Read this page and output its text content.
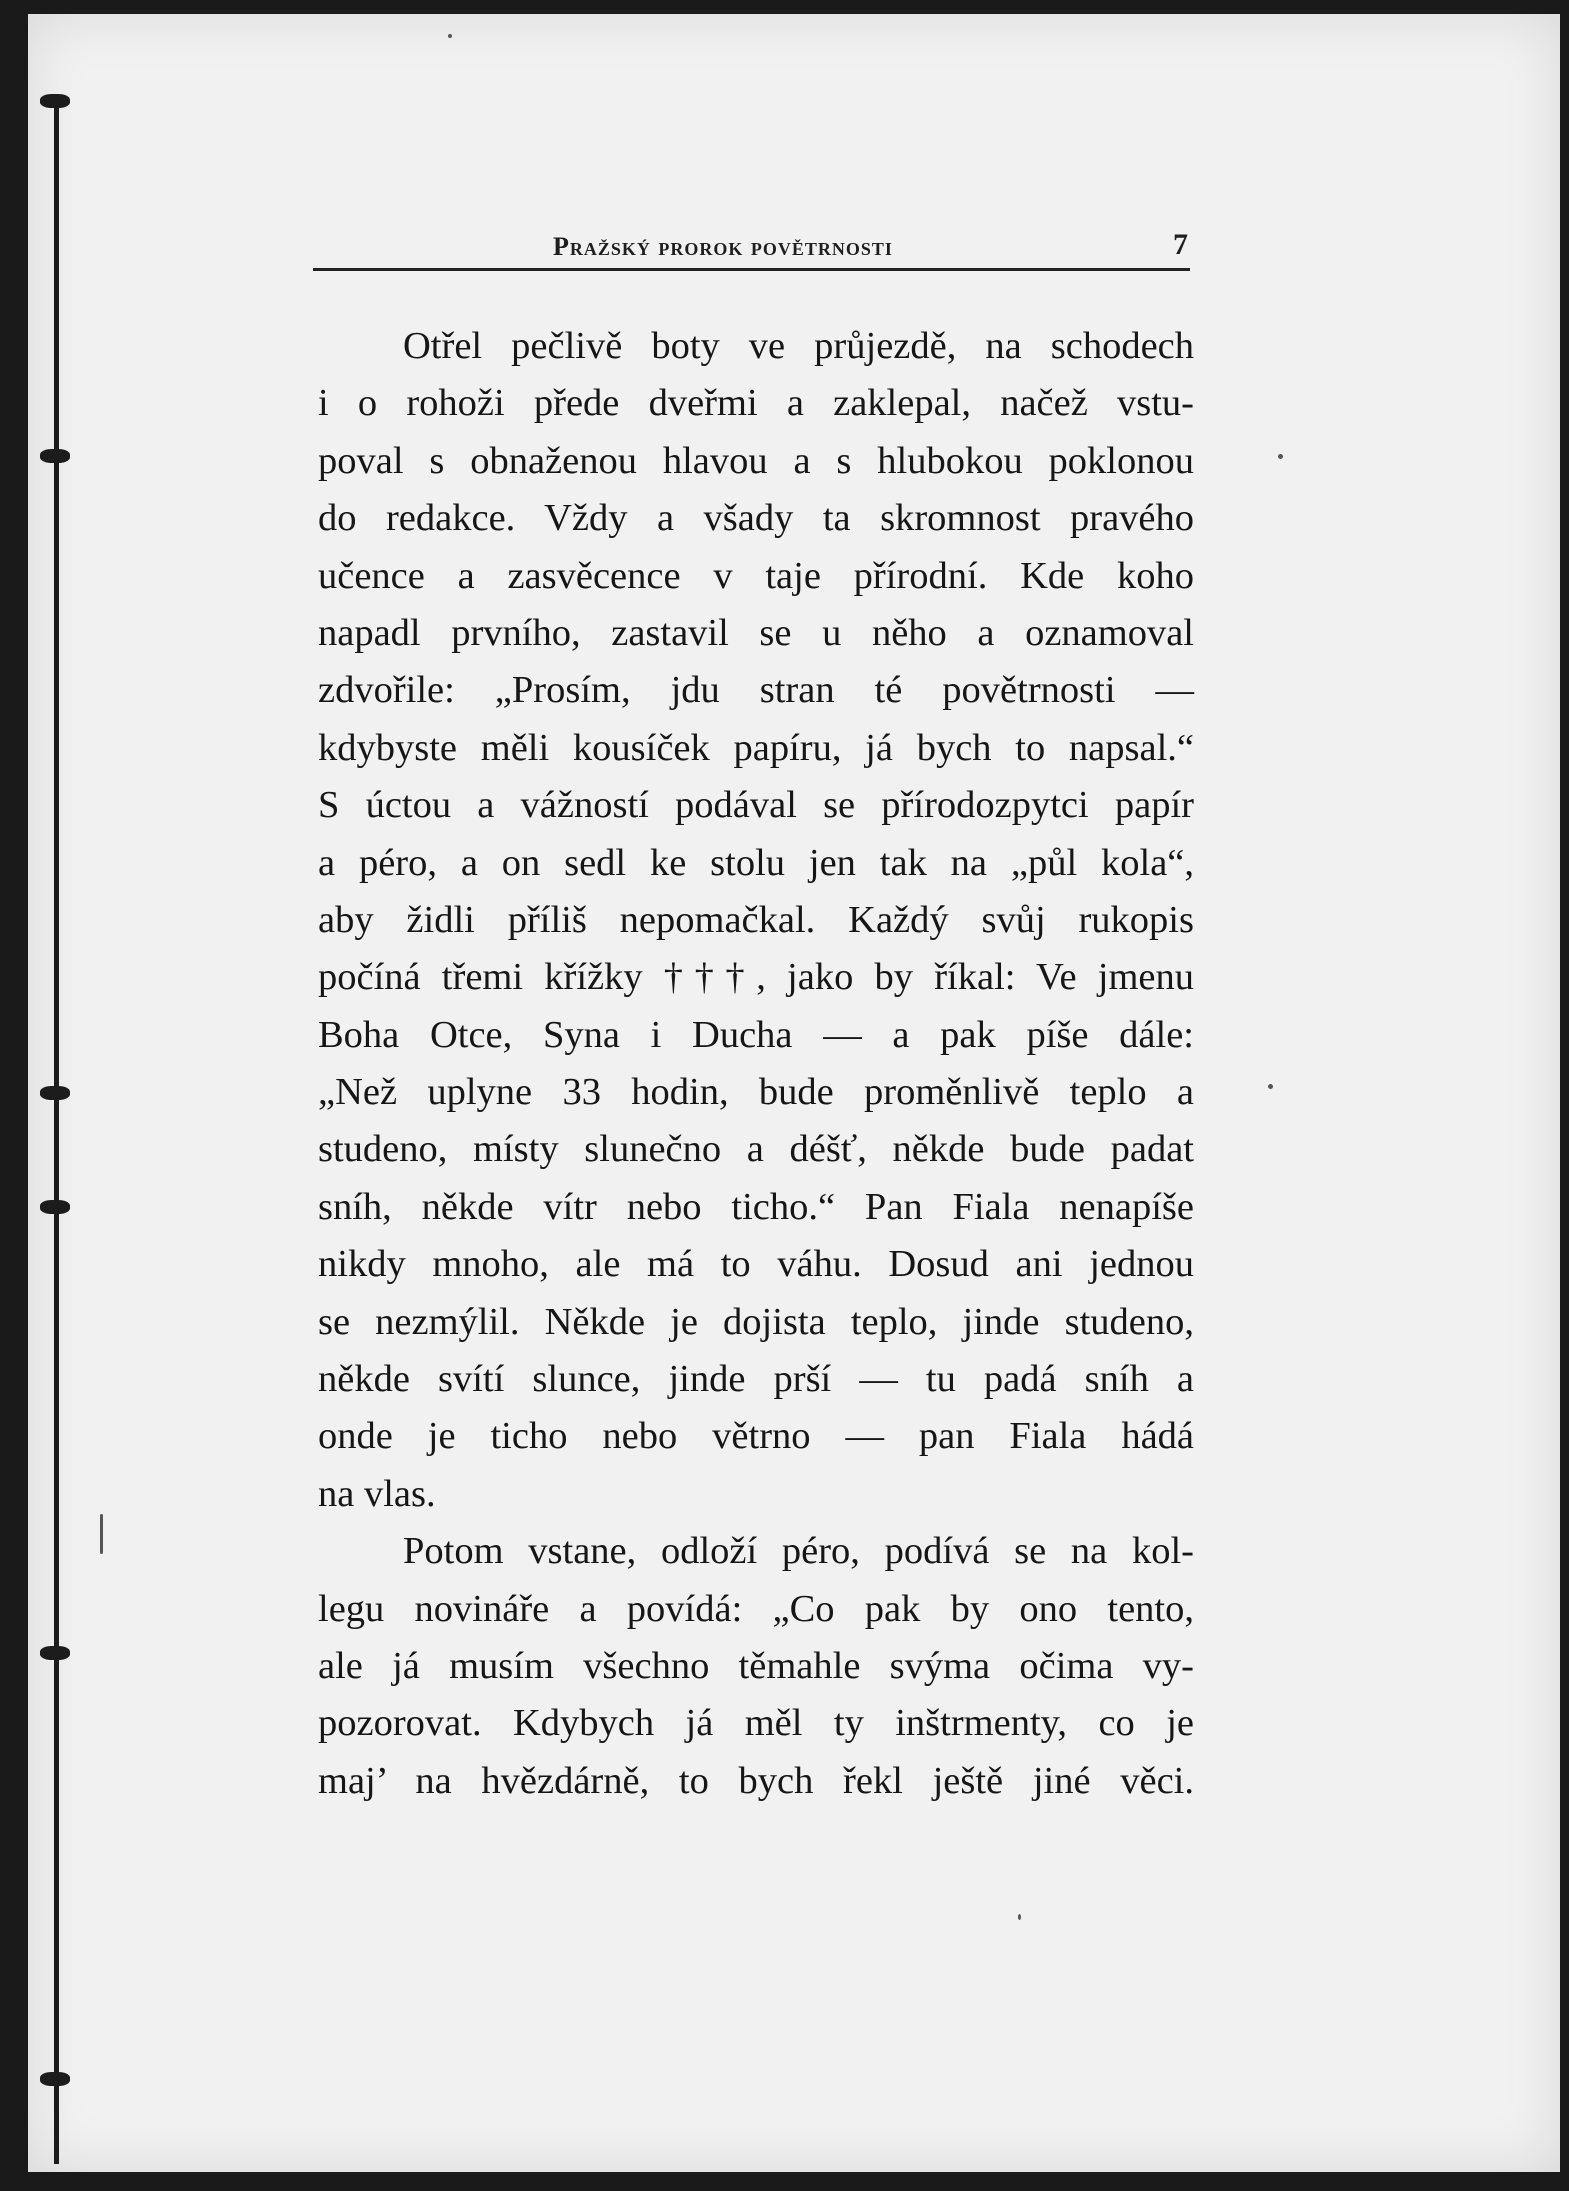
Pražský prorok povětrnosti	7
Otřel pečlivě boty ve průjezdě, na schodech
i o rohoži přede dveřmi a zaklepal, načež vstu-
poval s obnaženou hlavou a s hlubokou poklonou
do redakce. Vždy a všady ta skromnost pravého
učence a zasvěcence v taje přírodní. Kde koho
napadl prvního, zastavil se u něho a oznamoval
zdvořile: „Prosím, jdu stran té povětrnosti —
kdybyste měli kousíček papíru, já bych to napsal.“
S úctou a vážností podával se přírodozpytci papír
a péro, a on sedl ke stolu jen tak na „půl kola“,
aby židli příliš nepomačkal. Každý svůj rukopis
počíná třemi křížky †††, jako by říkal: Ve jmenu
Boha Otce, Syna i Ducha — a pak píše dále:
„Než uplyne 33 hodin, bude proměnlivě teplo a
studeno, místy slunečno a déšť, někde bude padat
sníh, někde vítr nebo ticho.“ Pan Fiala nenapíše
nikdy mnoho, ale má to váhu. Dosud ani jednou
se nezmýlil. Někde je dojista teplo, jinde studeno,
někde svítí slunce, jinde prší — tu padá sníh a
onde je ticho nebo větrno — pan Fiala hádá
na vlas.
Potom vstane, odloží péro, podívá se na kol-
legu novináře a povídá: „Co pak by ono tento,
ale já musím všechno těmahle svýma očima vy-
pozorovat. Kdybych já měl ty inštrmenty, co je
maj’ na hvězdárně, to bych řekl ještě jiné věci.
